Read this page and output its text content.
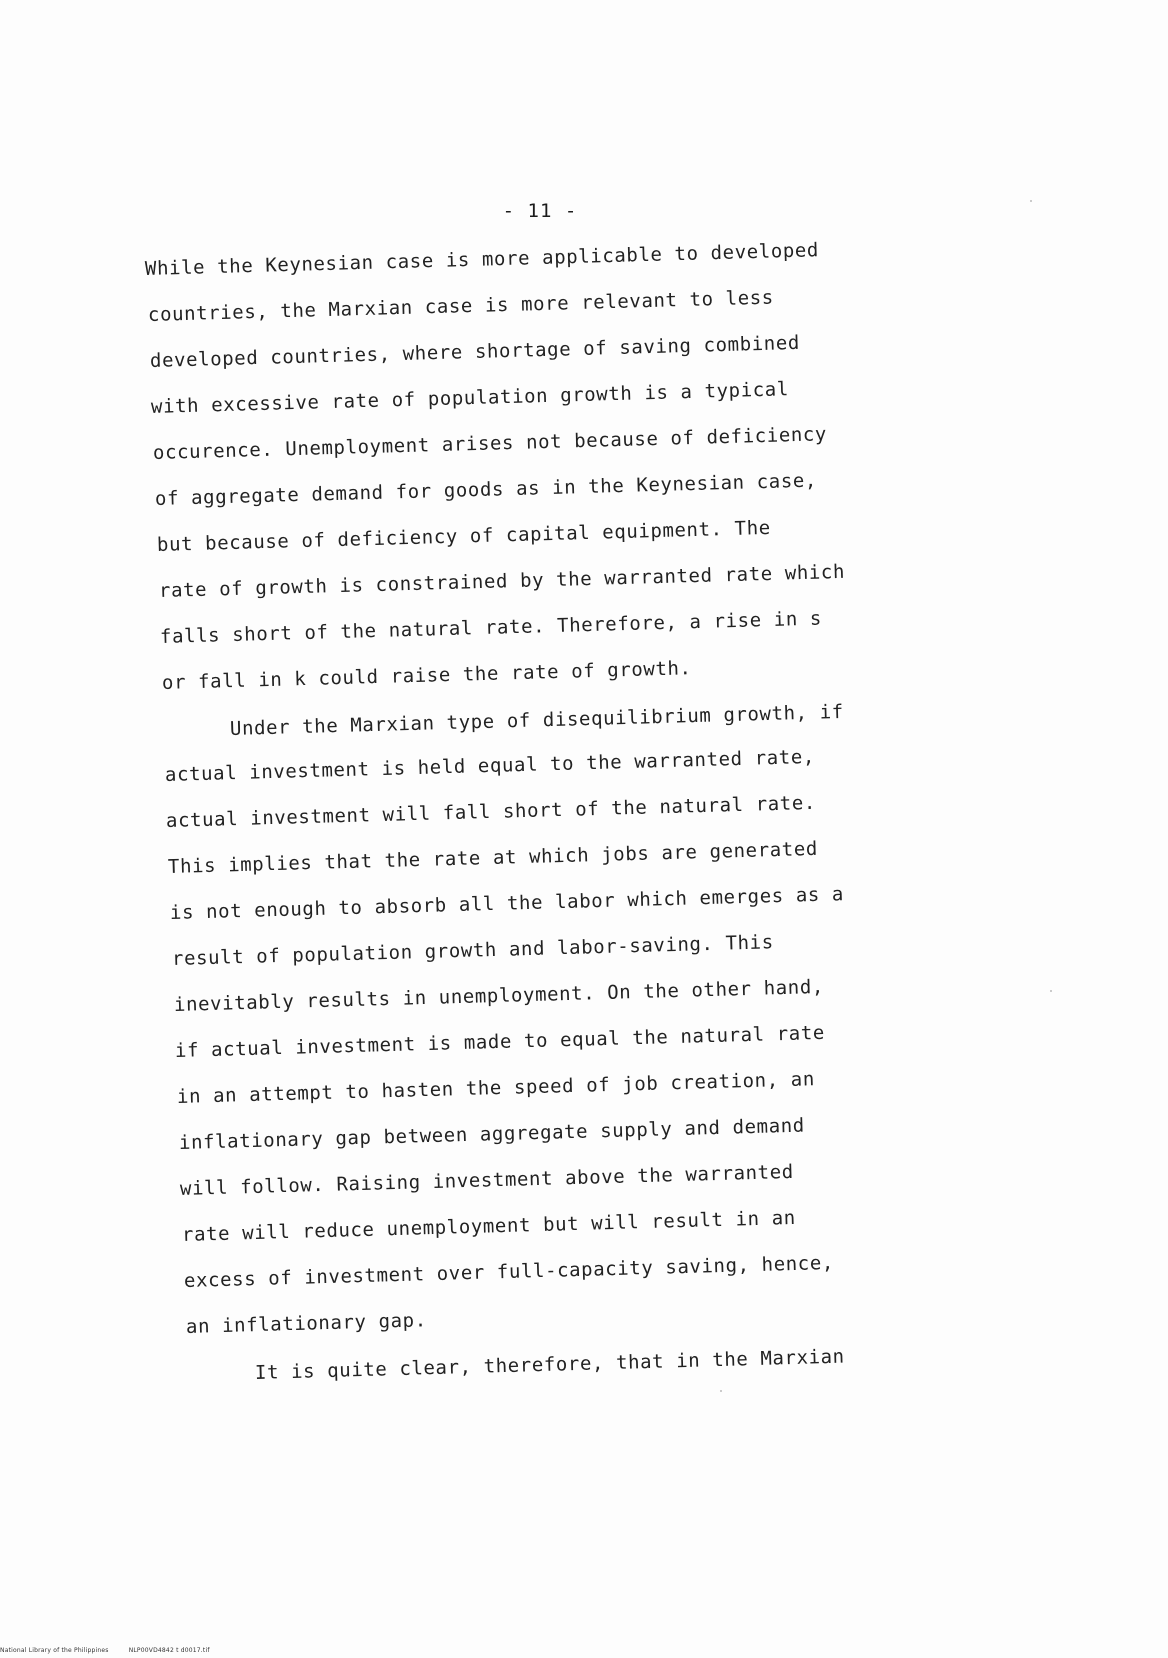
- 11 -
While the Keynesian case is more applicable to developed
countries, the Marxian case is more relevant to less
developed countries, where shortage of saving combined
with excessive rate of population growth is a typical
occurence. Unemployment arises not because of deficiency
of aggregate demand for goods as in the Keynesian case,
but because of deficiency of capital equipment. The
rate of growth is constrained by the warranted rate which
falls short of the natural rate. Therefore, a rise in s
or fall in k could raise the rate of growth.
Under the Marxian type of disequilibrium growth, if
actual investment is held equal to the warranted rate,
actual investment will fall short of the natural rate.
This implies that the rate at which jobs are generated
is not enough to absorb all the labor which emerges as a
result of population growth and labor-saving. This
inevitably results in unemployment. On the other hand,
if actual investment is made to equal the natural rate
in an attempt to hasten the speed of job creation, an
inflationary gap between aggregate supply and demand
will follow. Raising investment above the warranted
rate will reduce unemployment but will result in an
excess of investment over full-capacity saving, hence,
an inflationary gap.
It is quite clear, therefore, that in the Marxian
National Library of the Philippines	NLP00VD4842 t d0017.tif
